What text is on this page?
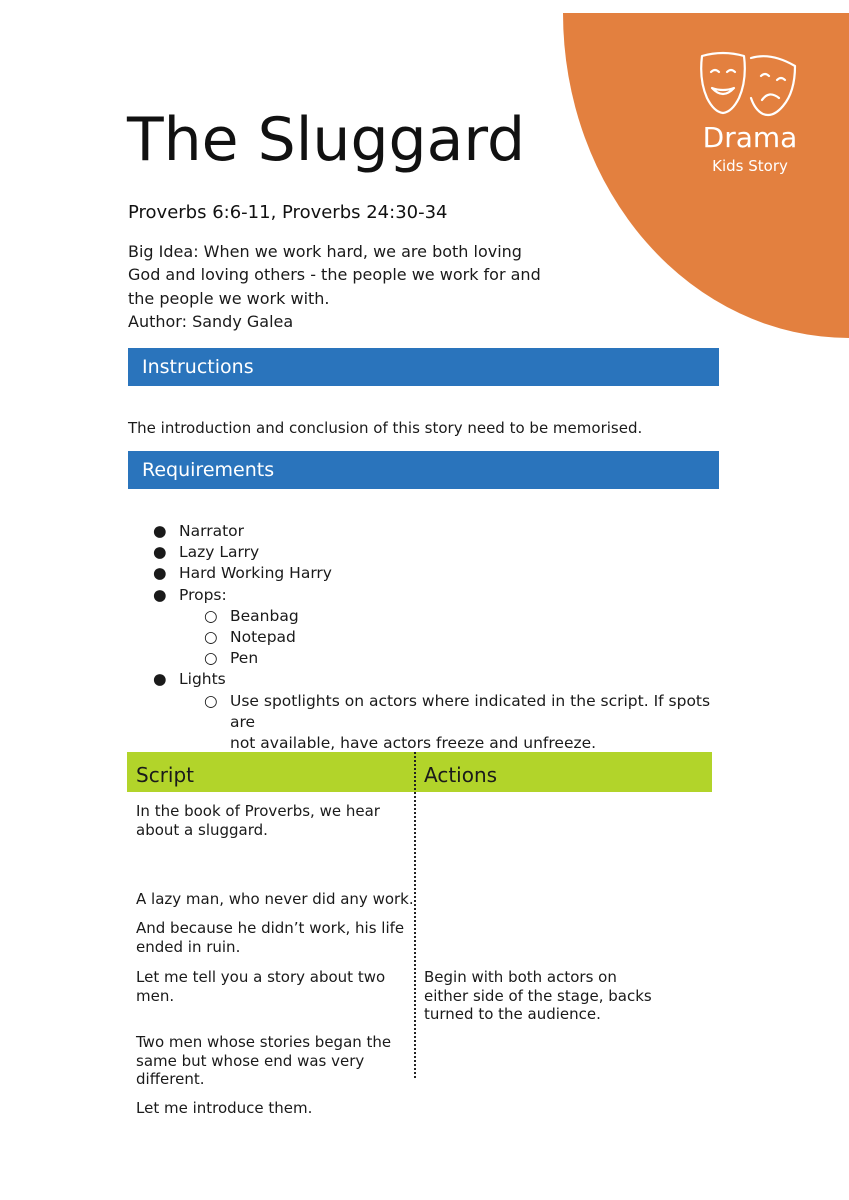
Drama
Kids Story
The Sluggard
Proverbs 6:6-11, Proverbs 24:30-34
Big Idea: When we work hard, we are both loving
God and loving others - the people we work for and
the people we work with.
Author: Sandy Galea
Instructions
The introduction and conclusion of this story need to be memorised.
Requirements
● Narrator
● Lazy Larry
● Hard Working Harry
● Props:
○ Beanbag
○ Notepad
○ Pen
● Lights
○ Use spotlights on actors where indicated in the script. If spots are
not available, have actors freeze and unfreeze.
Script	Actions
In the book of Proverbs, we hear
about a sluggard.
A lazy man, who never did any work.
And because he didn’t work, his life
ended in ruin.
Let me tell you a story about two
men.
Begin with both actors on
either side of the stage, backs
turned to the audience.
Two men whose stories began the
same but whose end was very
different.
Let me introduce them.
